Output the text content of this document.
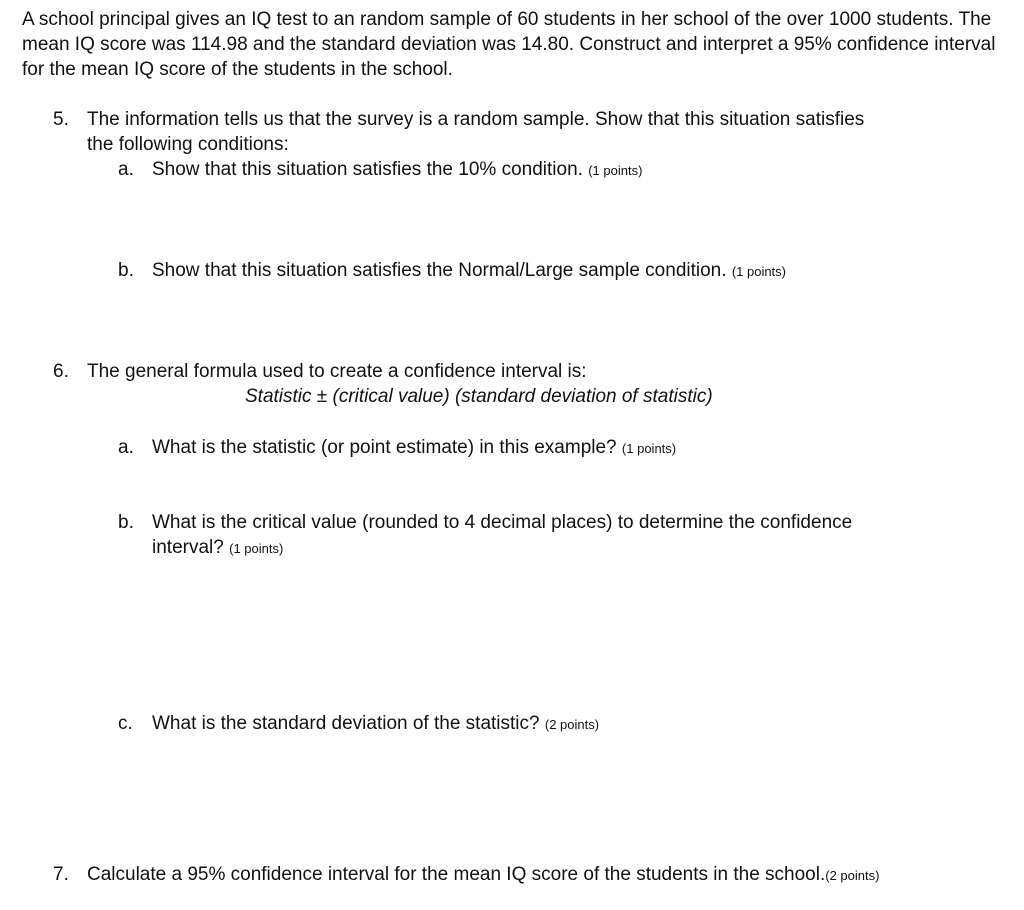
A school principal gives an IQ test to an random sample of 60 students in her school of the over 1000 students. The mean IQ score was 114.98 and the standard deviation was 14.80. Construct and interpret a 95% confidence interval for the mean IQ score of the students in the school.
5. The information tells us that the survey is a random sample. Show that this situation satisfies
the following conditions:
a. Show that this situation satisfies the 10% condition. (1 points)
b. Show that this situation satisfies the Normal/Large sample condition. (1 points)
6. The general formula used to create a confidence interval is:
Statistic ± (critical value) (standard deviation of statistic)
a. What is the statistic (or point estimate) in this example? (1 points)
b. What is the critical value (rounded to 4 decimal places) to determine the confidence
interval? (1 points)
c. What is the standard deviation of the statistic? (2 points)
7. Calculate a 95% confidence interval for the mean IQ score of the students in the school.(2 points)
